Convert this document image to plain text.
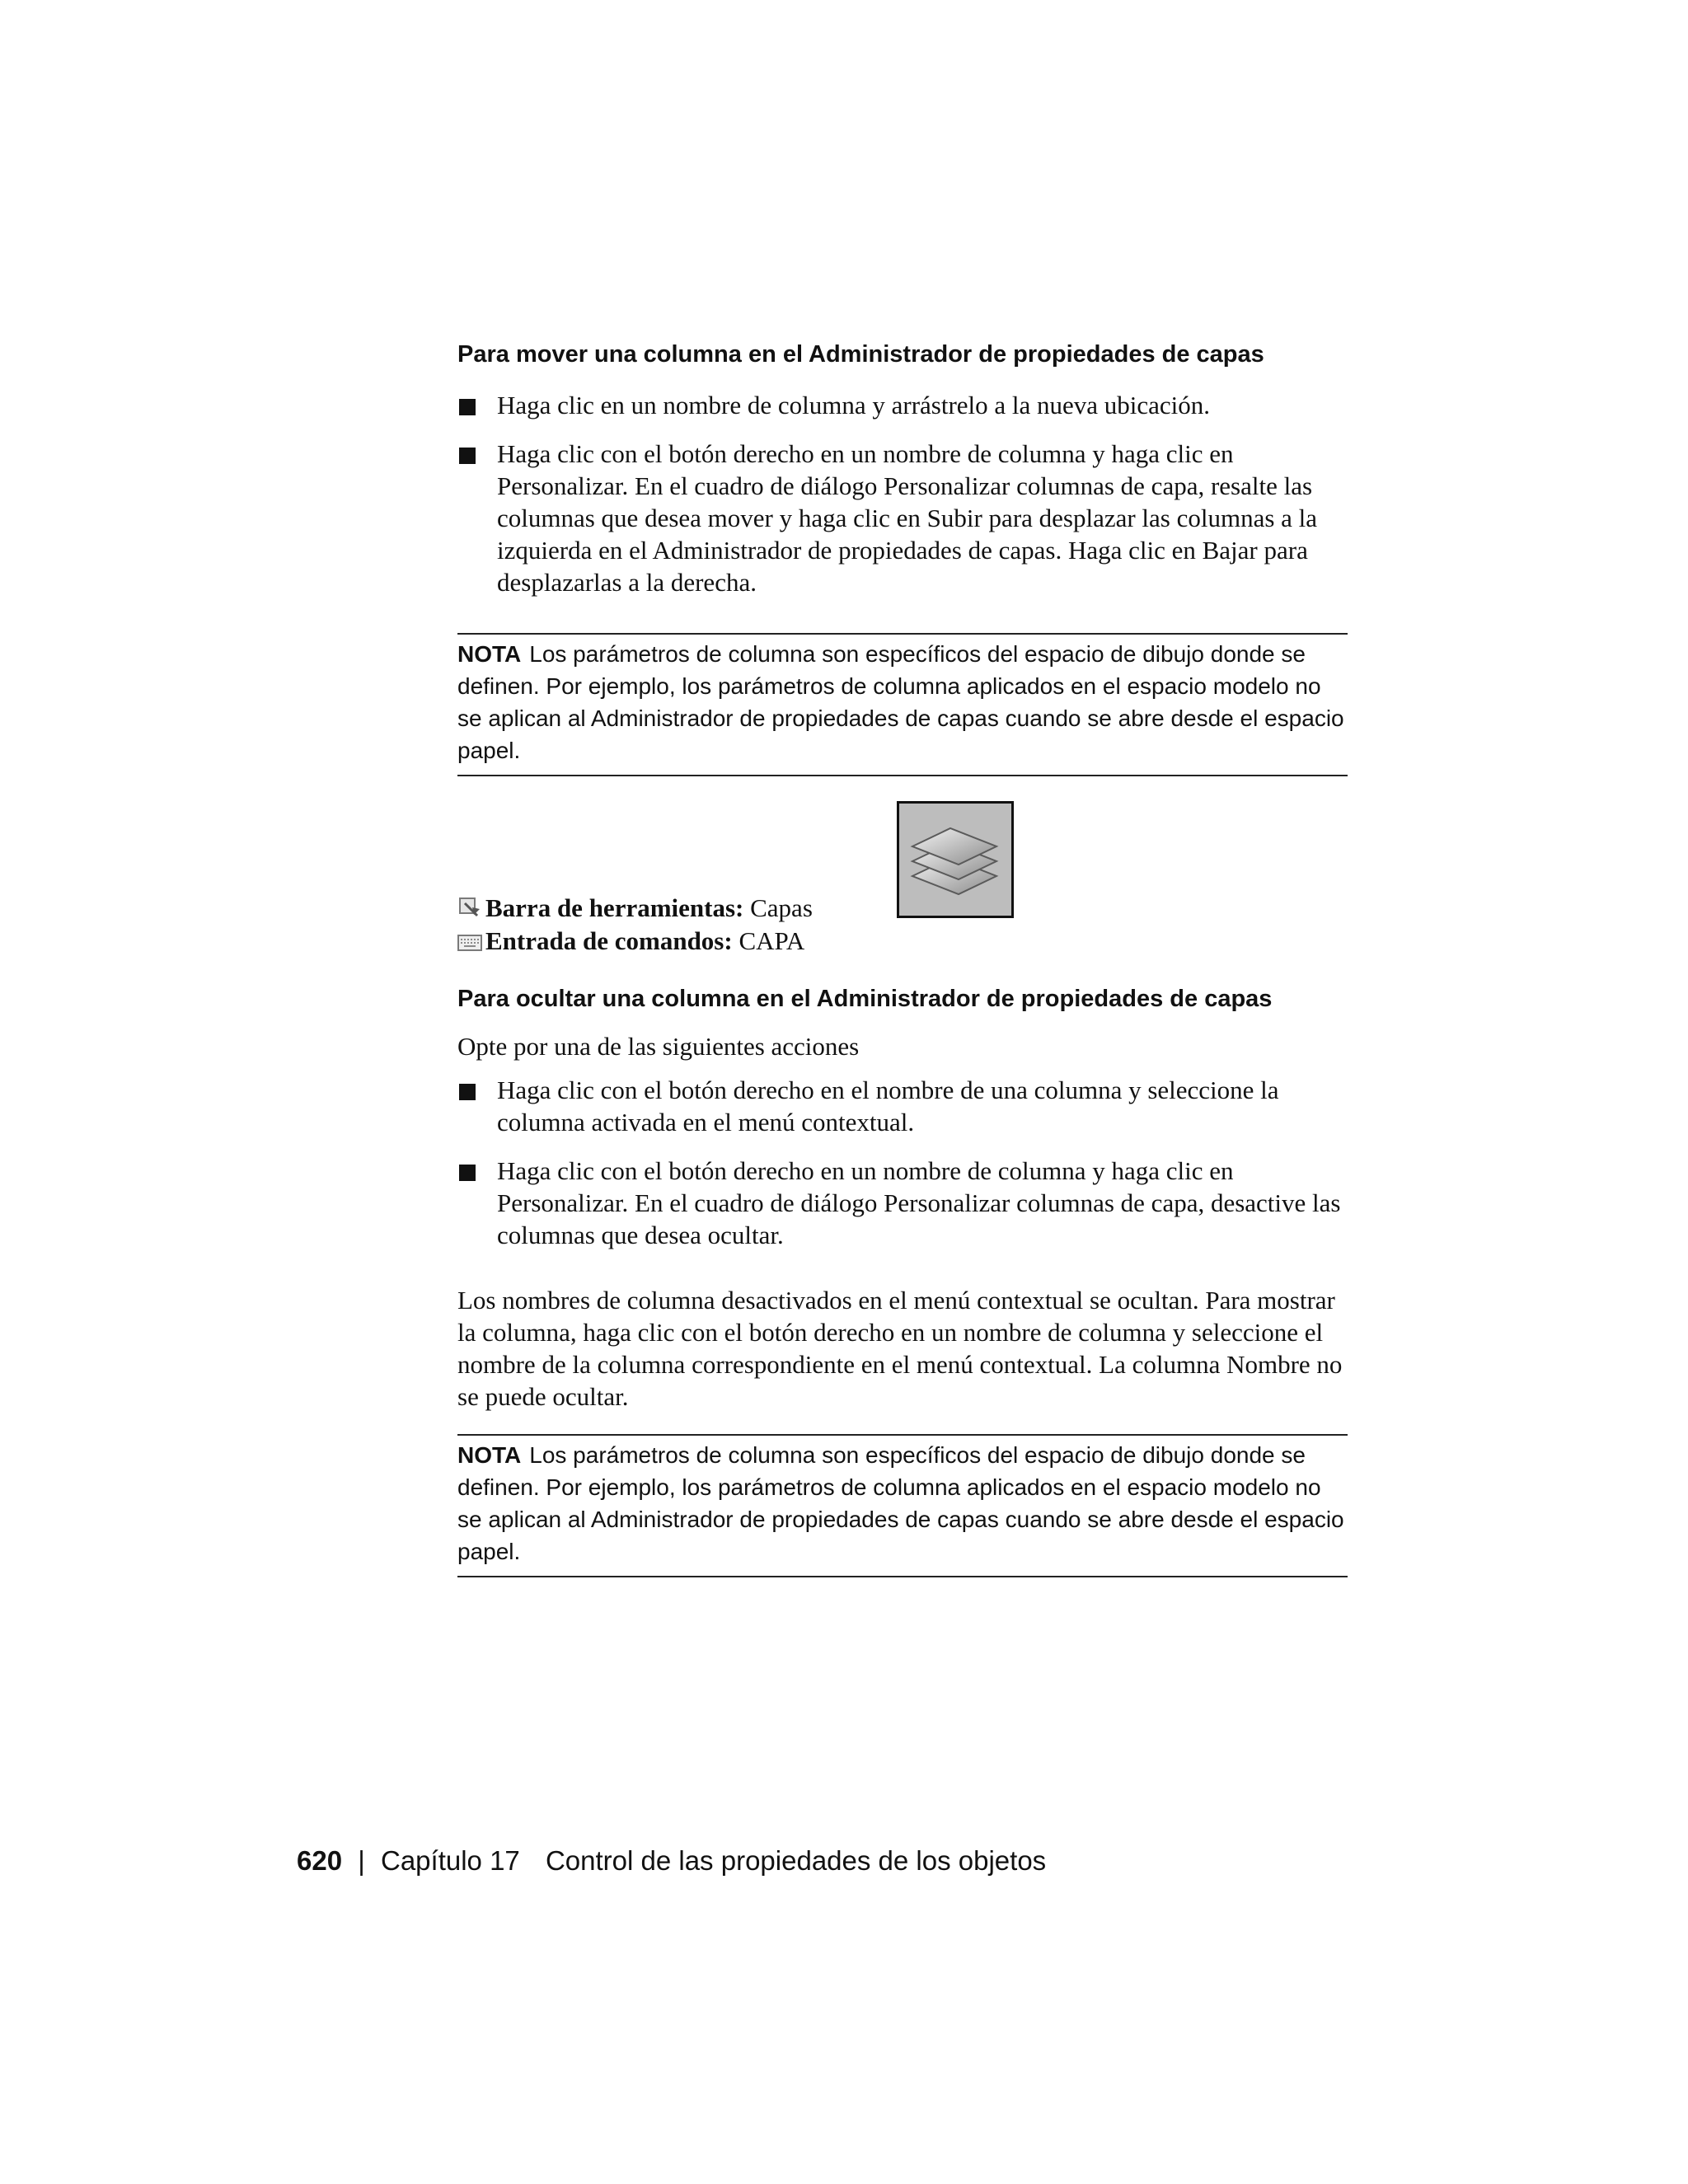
Para mover una columna en el Administrador de propiedades de capas
Haga clic en un nombre de columna y arrástrelo a la nueva ubicación.
Haga clic con el botón derecho en un nombre de columna y haga clic en Personalizar. En el cuadro de diálogo Personalizar columnas de capa, resalte las columnas que desea mover y haga clic en Subir para desplazar las columnas a la izquierda en el Administrador de propiedades de capas. Haga clic en Bajar para desplazarlas a la derecha.
NOTA Los parámetros de columna son específicos del espacio de dibujo donde se definen. Por ejemplo, los parámetros de columna aplicados en el espacio modelo no se aplican al Administrador de propiedades de capas cuando se abre desde el espacio papel.
Barra de herramientas: Capas
Entrada de comandos: CAPA
Para ocultar una columna en el Administrador de propiedades de capas

Opte por una de las siguientes acciones

Haga clic con el botón derecho en el nombre de una columna y seleccione la columna activada en el menú contextual.
Haga clic con el botón derecho en un nombre de columna y haga clic en Personalizar. En el cuadro de diálogo Personalizar columnas de capa, desactive las columnas que desea ocultar.

Los nombres de columna desactivados en el menú contextual se ocultan. Para mostrar la columna, haga clic con el botón derecho en un nombre de columna y seleccione el nombre de la columna correspondiente en el menú contextual. La columna Nombre no se puede ocultar.

NOTA Los parámetros de columna son específicos del espacio de dibujo donde se definen. Por ejemplo, los parámetros de columna aplicados en el espacio modelo no se aplican al Administrador de propiedades de capas cuando se abre desde el espacio papel.
620 | Capítulo 17 Control de las propiedades de los objetos
